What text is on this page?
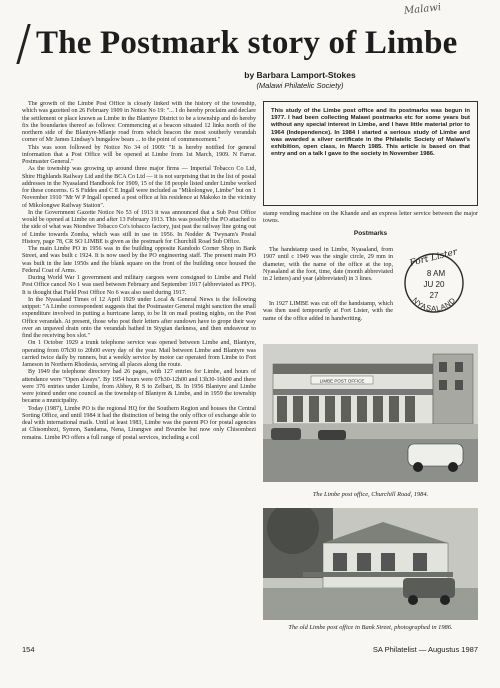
Malawi
The Postmark story of Limbe
by Barbara Lamport-Stokes
(Malawi Philatelic Society)

The growth of the Limbe Post Office is closely linked with the history of the township, which was gazetted on 26 February 1909 in Notice No 19: "... I do hereby proclaim and declare the settlement or place known as Limbe in the Blantyre District to be a township and do hereby fix the boundaries thereof as follows: Commencing at a beacon situated 12 links north of the northern side of the Blantyre-Mlanje road from which beacon the most southerly verandah corner of Mr James Lindsay's bungalow bears ... to the point of commencement."

This was soon followed by Notice No 34 of 1909: "It is hereby notified for general information that a Post Office will be opened at Limbe from 1st March, 1909. N Farrar. Postmaster General."

As the township was growing up around three major firms — Imperial Tobacco Co Ltd, Shire Highlands Railway Ltd and the BCA Co Ltd — it is not surprising that in the list of postal addresses in the Nyasaland Handbook for 1909, 15 of the 18 people listed under Limbe worked for these concerns. G S Fiddes and C E Ingall were included as "Mikolongwe, Limbe" but on 1 November 1910 "Mr W P Ingall opened a post office at his residence at Makoko in the vicinity of Mikolongwe Railway Station".

In the Government Gazette Notice No 53 of 1913 it was announced that a Sub Post Office would be opened at Limbe on and after 13 February 1913. This was possibly the PO attached to the side of what was Ntondwe Tobacco Co's tobacco factory, just past the railway line going out of Limbe towards Zomba, which was still in use in 1956. In Nodder & Twynam's Postal History, page 78, CR SO LIMBE is given as the postmark for Churchill Road Sub Office.

The main Limbe PO in 1956 was in the building opposite Kandodo Corner Shop in Bank Street, and was built c 1924. It is now used by the PO engineering staff. The present main PO was built in the late 1950s and the blank square on the front of the building once housed the Federal Coat of Arms.

During World War 1 government and military cargoes were consigned to Limbe and Field Post Office cancel No 1 was used between February and September 1917 (abbreviated as FPO). It is thought that Field Post Office No 6 was also used during 1917.

In the Nyasaland Times of 12 April 1929 under Local & General News is the following snippet: "A Limbe correspondent suggests that the Postmaster General might sanction the small expenditure involved in putting a hurricane lamp, to be lit on mail posting nights, on the Post Office verandah. At present, those who post their letters after sundown have to grope their way over an unpaved drain onto the verandah bathed in Stygian darkness, and then endeavour to find the receiving box slot."

On 1 October 1929 a trunk telephone service was opened between Limbe and, Blantyre, operating from 07h30 to 20h00 every day of the year. Mail between Limbe and Blantyre was carried twice daily by runners, but a weekly service by motor car operated from Limbe to Fort Jameson in Northern Rhodesia, serving all places along the route.

By 1949 the telephone directory had 26 pages, with 127 entries for Limbe, and hours of attendance were "Open always". By 1954 hours were 07h30-12h00 and 13h30-16h00 and there were 376 entries under Limbe, from Abbey, R S to Zelbari, B. In 1956 Blantyre and Limbe were joined under one council as the township of Blantyre & Limbe, and in 1959 the township became a municipality.

Today (1987), Limbe PO is the regional HQ for the Southern Region and houses the Central Sorting Office, and until 1984 it had the distinction of being the only office of exchange able to deal with international mails. Until at least 1983, Limbe was the parent PO for postal agencies at Chisombezi, Symon, Sandama, Nena, Lirangwe and Bvumbe but now only Chisombezi remains. Limbe PO offers a full range of postal services, including a coil

This study of the Limbe post office and its postmarks was begun in 1977. I had been collecting Malawi postmarks etc for some years but without any special interest in Limbe, and I have little material prior to 1964 (Independence). In 1984 I started a serious study of Limbe and was awarded a silver certificate in the Philatelic Society of Malawi's exhibition, open class, in March 1985. This article is based on that entry and on a talk I gave to the society in November 1986.

stamp vending machine on the Khande and an express letter service between the major towns.

Postmarks

The handstamp used in Limbe, Nyasaland, from 1907 until c 1949 was the single circle, 29 mm in diameter, with the name of the office at the top, Nyasaland at the foot, time, date (month abbreviated in 2 letters) and year (abbreviated) in 3 lines.

In 1927 LIMBE was cut off the handstamp, which was then used temporarily at Fort Lister, with the name of the office added in handwriting.

Fort Lister
8 AM
JU 20
27
NYASALAND
LIMBE POST OFFICE
The Limbe post office, Churchill Road, 1984.
The old Limbe post office in Bank Street, photographed in 1986.
154	SA Philatelist — Augustus 1987
